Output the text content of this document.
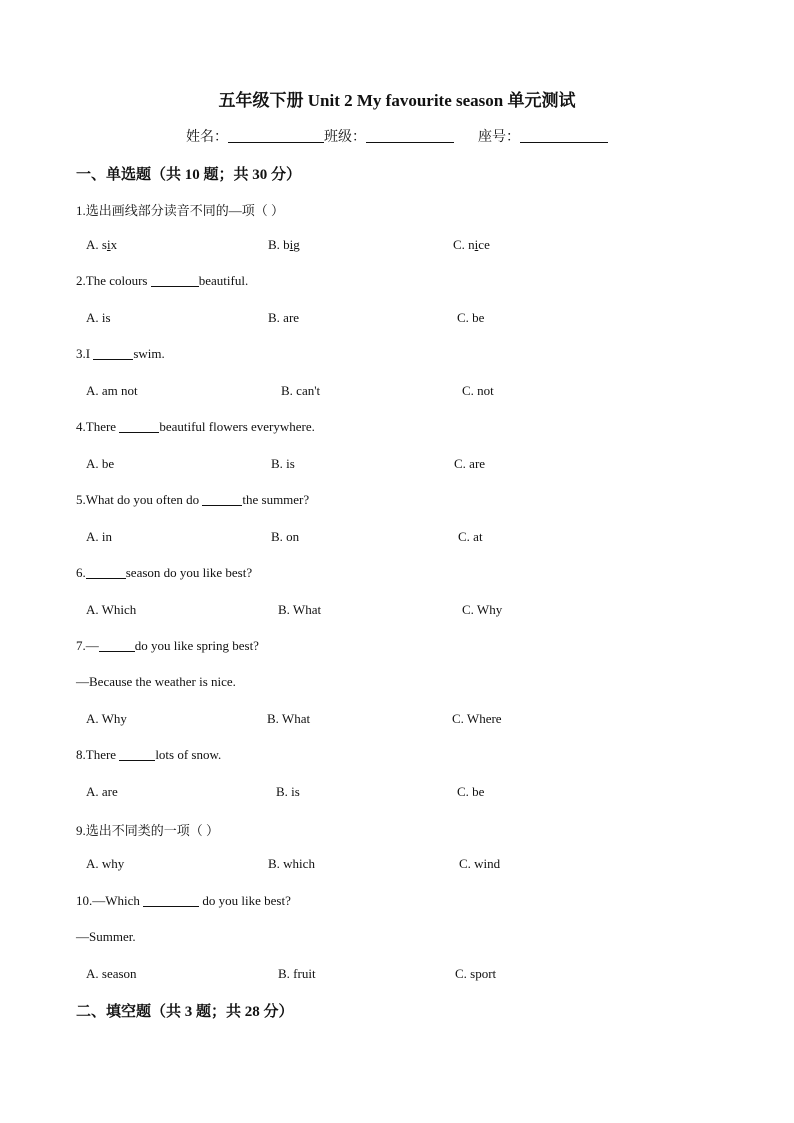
五年级下册 Unit 2 My favourite season 单元测试
姓名：	班级：	座号：
一、单选题（共 10 题；共 30 分）
1.选出画线部分读音不同的—项（ ）
A. six	B. big	C. nice
2.The colours	beautiful.
A. is	B. are	C. be
3.I	swim.
A. am not	B. can't	C. not
4.There	beautiful flowers everywhere.
A. be	B. is	C. are
5.What do you often do	the summer?
A. in	B. on	C. at
6.	season do you like best?
A. Which	B. What	C. Why
7.—	do you like spring best?
—Because the weather is nice.
A. Why	B. What	C. Where
8.There	lots of snow.
A. are	B. is	C. be
9.选出不同类的一项（ ）
A. why	B. which	C. wind
10.—Which	do you like best?
—Summer.
A. season	B. fruit	C. sport
二、填空题（共 3 题；共 28 分）
